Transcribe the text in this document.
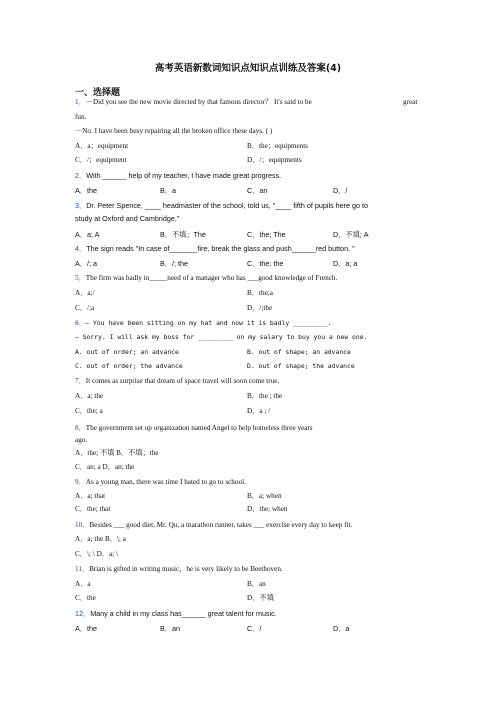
高考英语新数词知识点知识点训练及答案(4)
一、选择题
1．－Did you see the new movie directed by that famous director？ It's said to be	great
fun.
－No. I have been busy repairing all the broken office these days. ( )
A．a；equipment	B．the；equipments
C．/；equipment	D．/；equipments
2．With ______ help of my teacher, I have made great progress.
A．the	B．a	C．an	D．/
3．Dr. Peter Spence, ____ headmaster of the school, told us, "____ fifth of pupils here go to
study at Oxford and Cambridge."
A．a; A	B．不填；The	C．the; The	D．不填; A
4．The sign reads "In case of_______fire, break the glass and push______red button. "
A．/; a	B．/; the	C．the; the	D．a; a
5．The firm was badly in_____need of a manager who has ___good knowledge of French.
A．a;/	B．the;a
C．/;a	D．/;the
6．— You have been sitting on my hat and now it is badly _________.
— Sorry. I will ask my boss for _________ on my salary to buy you a new one.
A. out of order; an advance	B. out of shape; an advance
C. out of order; the advance	D. out of shape; the advance
7．It comes as surprise that dream of space travel will soon come true.
A．a; the	B．the ; the
C．the; a	D．a ; /
8．The government set up organization named Angel to help homeless three years
ago.
A．the; 不填 B．不填；the
C．an; a D．an; the
9．As a young man, there was time I hated to go to school.
A．a; that	B．a; when
C．the; that	D．the; when
10．Besides ___ good diet, Mr. Qu, a marathon runner, takes ___ exercise every day to keep fit.
A．a; the B．\; a
C．\; \ D．a; \
11．Brian is gifted in writing music，he is very likely to be Beethoven.
A．a	B．an
C．the	D．不填
12．Many a child in my class has______ great talent for music.
A．the	B．an	C．/	D．a
